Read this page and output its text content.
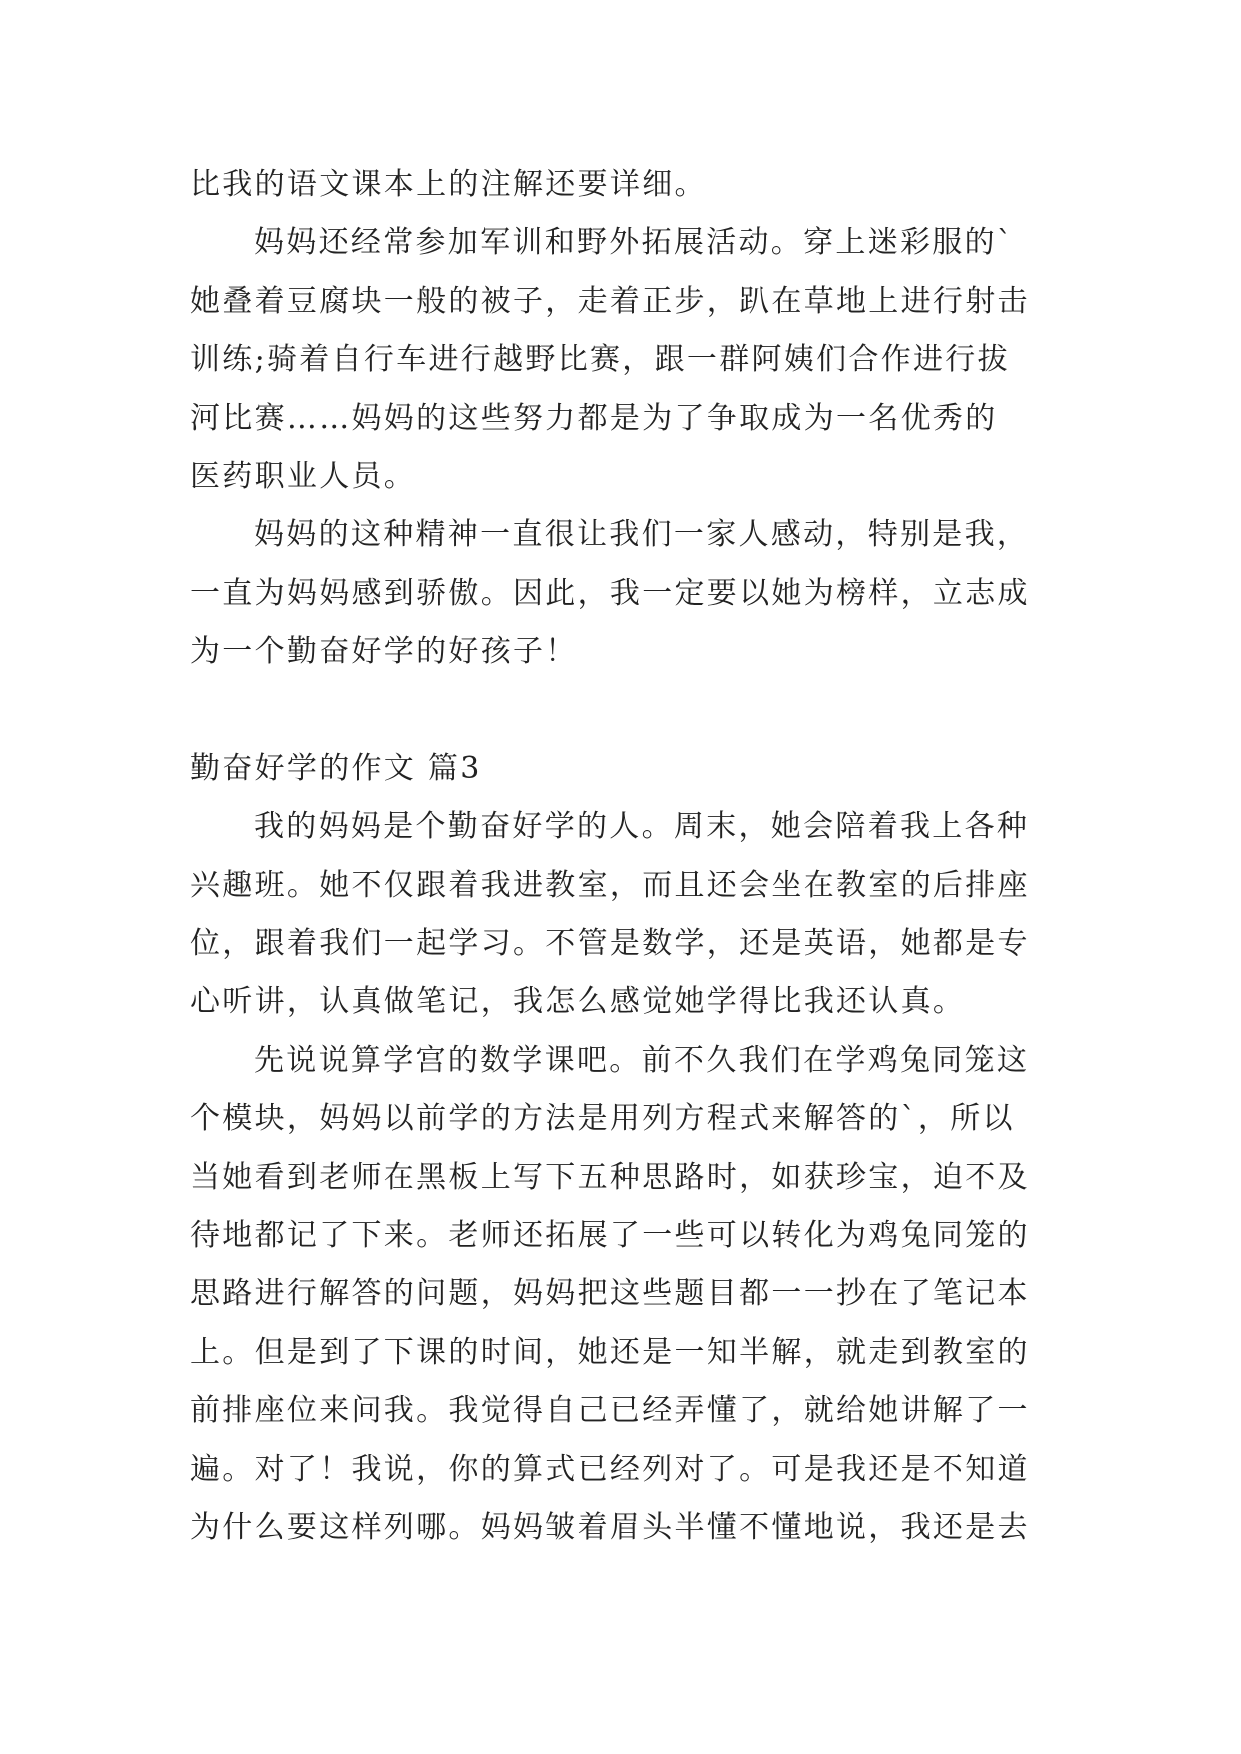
比我的语文课本上的注解还要详细。
妈妈还经常参加军训和野外拓展活动。穿上迷彩服的`
她叠着豆腐块一般的被子，走着正步，趴在草地上进行射击
训练;骑着自行车进行越野比赛，跟一群阿姨们合作进行拔
河比赛……妈妈的这些努力都是为了争取成为一名优秀的
医药职业人员。
妈妈的这种精神一直很让我们一家人感动，特别是我，
一直为妈妈感到骄傲。因此，我一定要以她为榜样，立志成
为一个勤奋好学的好孩子！
勤奋好学的作文 篇3
我的妈妈是个勤奋好学的人。周末，她会陪着我上各种
兴趣班。她不仅跟着我进教室，而且还会坐在教室的后排座
位，跟着我们一起学习。不管是数学，还是英语，她都是专
心听讲，认真做笔记，我怎么感觉她学得比我还认真。
先说说算学宫的数学课吧。前不久我们在学鸡兔同笼这
个模块，妈妈以前学的方法是用列方程式来解答的`，所以
当她看到老师在黑板上写下五种思路时，如获珍宝，迫不及
待地都记了下来。老师还拓展了一些可以转化为鸡兔同笼的
思路进行解答的问题，妈妈把这些题目都一一抄在了笔记本
上。但是到了下课的时间，她还是一知半解，就走到教室的
前排座位来问我。我觉得自己已经弄懂了，就给她讲解了一
遍。对了！我说，你的算式已经列对了。可是我还是不知道
为什么要这样列哪。妈妈皱着眉头半懂不懂地说，我还是去
